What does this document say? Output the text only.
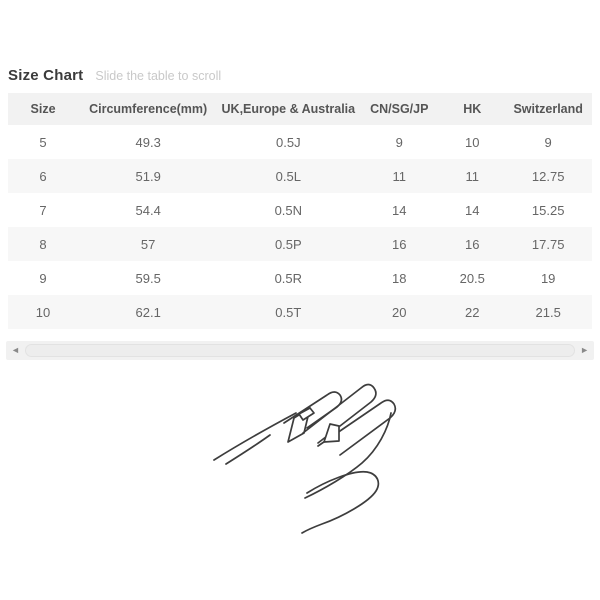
Size Chart Slide the table to scroll
Size	Circumference(mm)	UK,Europe & Australia	CN/SG/JP	HK	Switzerland
5	49.3	0.5J	9	10	9
6	51.9	0.5L	11	11	12.75
7	54.4	0.5N	14	14	15.25
8	57	0.5P	16	16	17.75
9	59.5	0.5R	18	20.5	19
10	62.1	0.5T	20	22	21.5
◄	►
